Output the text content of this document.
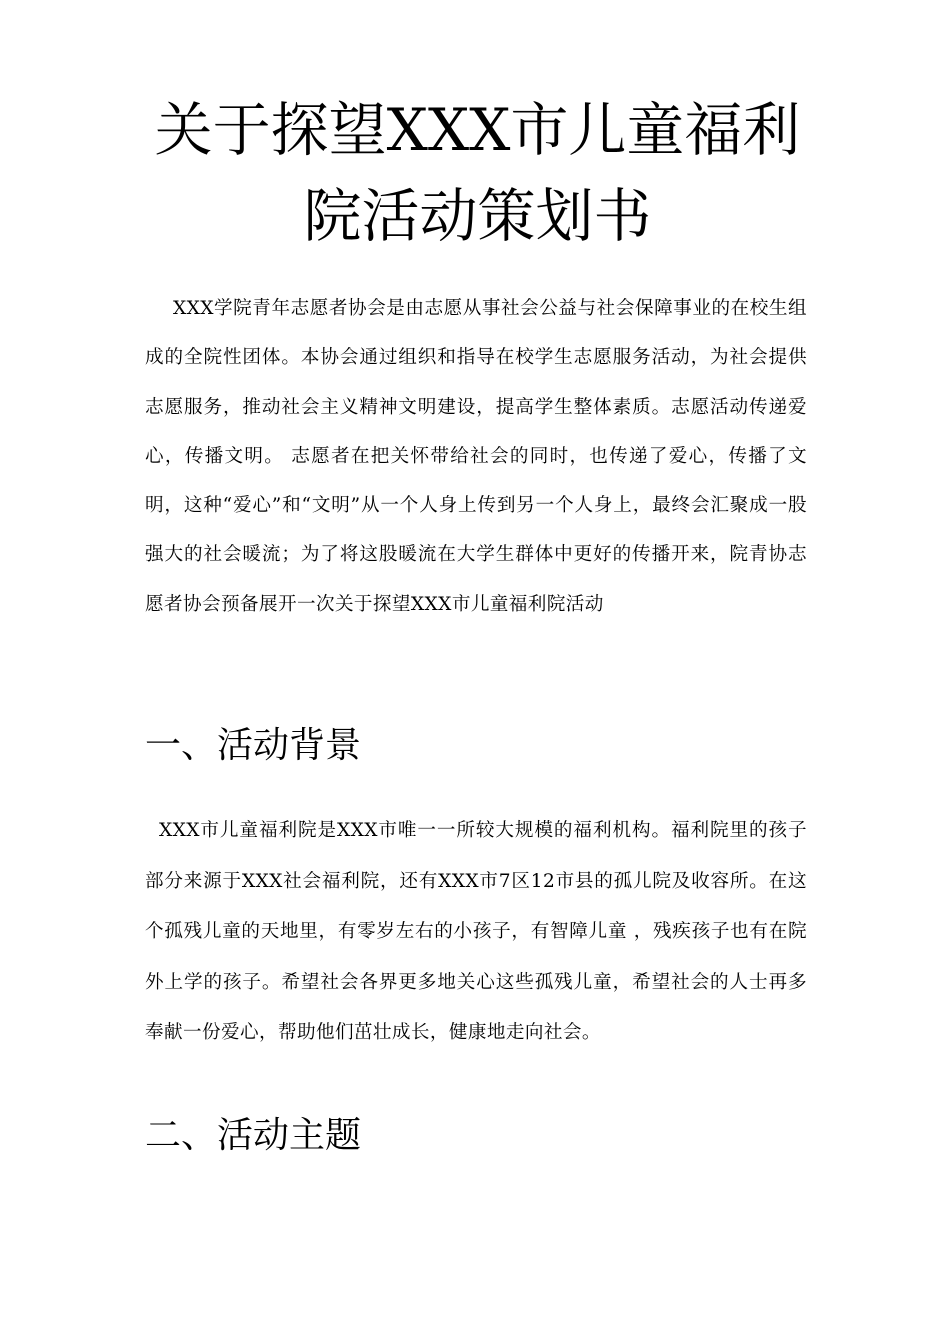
关于探望XXX市儿童福利
院活动策划书

XXX学院青年志愿者协会是由志愿从事社会公益与社会保障事业的在校生组成的全院性团体。本协会通过组织和指导在校学生志愿服务活动，为社会提供志愿服务，推动社会主义精神文明建设，提高学生整体素质。志愿活动传递爱心，传播文明。 志愿者在把关怀带给社会的同时，也传递了爱心，传播了文明，这种“爱心”和“文明”从一个人身上传到另一个人身上，最终会汇聚成一股强大的社会暖流；为了将这股暖流在大学生群体中更好的传播开来，院青协志愿者协会预备展开一次关于探望XXX市儿童福利院活动

一、活动背景

XXX市儿童福利院是XXX市唯一一所较大规模的福利机构。福利院里的孩子部分来源于XXX社会福利院，还有XXX市7区12市县的孤儿院及收容所。在这个孤残儿童的天地里，有零岁左右的小孩子，有智障儿童 ，残疾孩子也有在院外上学的孩子。希望社会各界更多地关心这些孤残儿童，希望社会的人士再多奉献一份爱心，帮助他们茁壮成长，健康地走向社会。

二、活动主题
